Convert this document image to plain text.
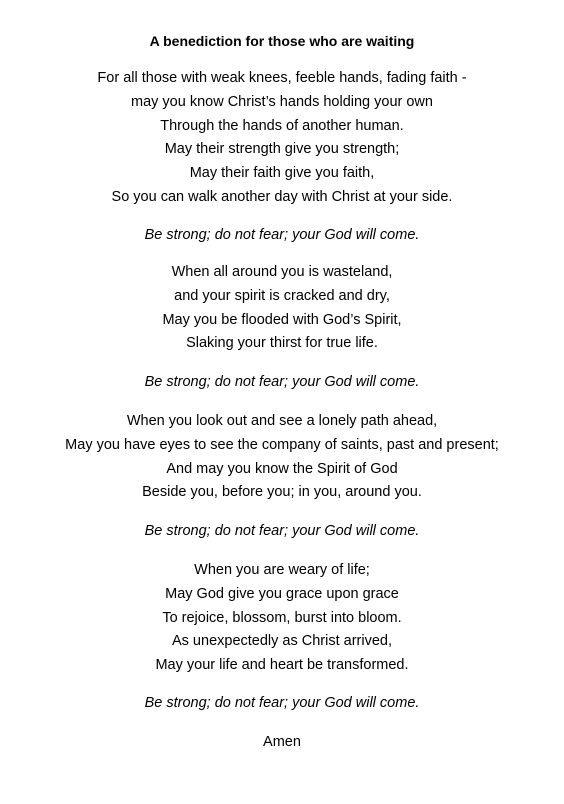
A benediction for those who are waiting
For all those with weak knees, feeble hands, fading faith -
may you know Christ’s hands holding your own
Through the hands of another human.
May their strength give you strength;
May their faith give you faith,
So you can walk another day with Christ at your side.
Be strong; do not fear; your God will come.
When all around you is wasteland,
and your spirit is cracked and dry,
May you be flooded with God’s Spirit,
Slaking your thirst for true life.
Be strong; do not fear; your God will come.
When you look out and see a lonely path ahead,
May you have eyes to see the company of saints, past and present;
And may you know the Spirit of God
Beside you, before you; in you, around you.
Be strong; do not fear; your God will come.
When you are weary of life;
May God give you grace upon grace
To rejoice, blossom, burst into bloom.
As unexpectedly as Christ arrived,
May your life and heart be transformed.
Be strong; do not fear; your God will come.
Amen
